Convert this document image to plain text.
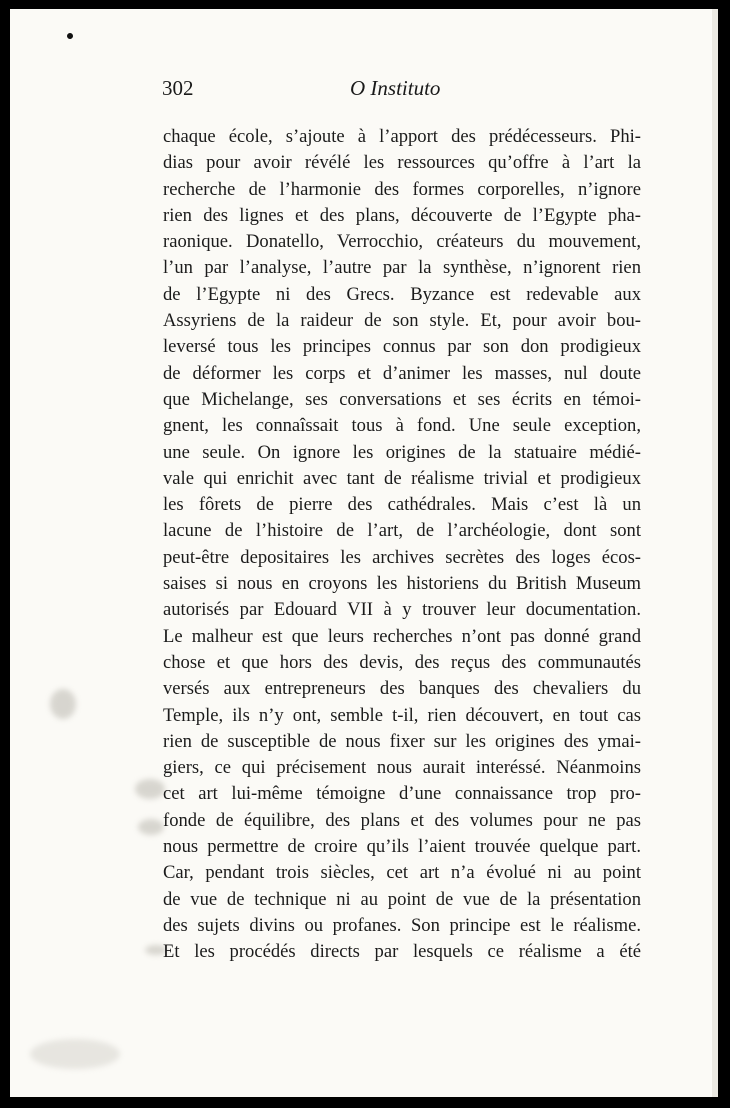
302	O Instituto
chaque école, s’ajoute à l’apport des prédécesseurs. Phi-
dias pour avoir révélé les ressources qu’offre à l’art la
recherche de l’harmonie des formes corporelles, n’ignore
rien des lignes et des plans, découverte de l’Egypte pha-
raonique. Donatello, Verrocchio, créateurs du mouvement,
l’un par l’analyse, l’autre par la synthèse, n’ignorent rien
de l’Egypte ni des Grecs. Byzance est redevable aux
Assyriens de la raideur de son style. Et, pour avoir bou-
leversé tous les principes connus par son don prodigieux
de déformer les corps et d’animer les masses, nul doute
que Michelange, ses conversations et ses écrits en témoi-
gnent, les connaîssait tous à fond. Une seule exception,
une seule. On ignore les origines de la statuaire médié-
vale qui enrichit avec tant de réalisme trivial et prodigieux
les fôrets de pierre des cathédrales. Mais c’est là un
lacune de l’histoire de l’art, de l’archéologie, dont sont
peut-être depositaires les archives secrètes des loges écos-
saises si nous en croyons les historiens du British Museum
autorisés par Edouard VII à y trouver leur documentation.
Le malheur est que leurs recherches n’ont pas donné grand
chose et que hors des devis, des reçus des communautés
versés aux entrepreneurs des banques des chevaliers du
Temple, ils n’y ont, semble t-il, rien découvert, en tout cas
rien de susceptible de nous fixer sur les origines des ymai-
giers, ce qui précisement nous aurait interéssé. Néanmoins
cet art lui-même témoigne d’une connaissance trop pro-
fonde de équilibre, des plans et des volumes pour ne pas
nous permettre de croire qu’ils l’aient trouvée quelque part.
Car, pendant trois siècles, cet art n’a évolué ni au point
de vue de technique ni au point de vue de la présentation
des sujets divins ou profanes. Son principe est le réalisme.
Et les procédés directs par lesquels ce réalisme a été
